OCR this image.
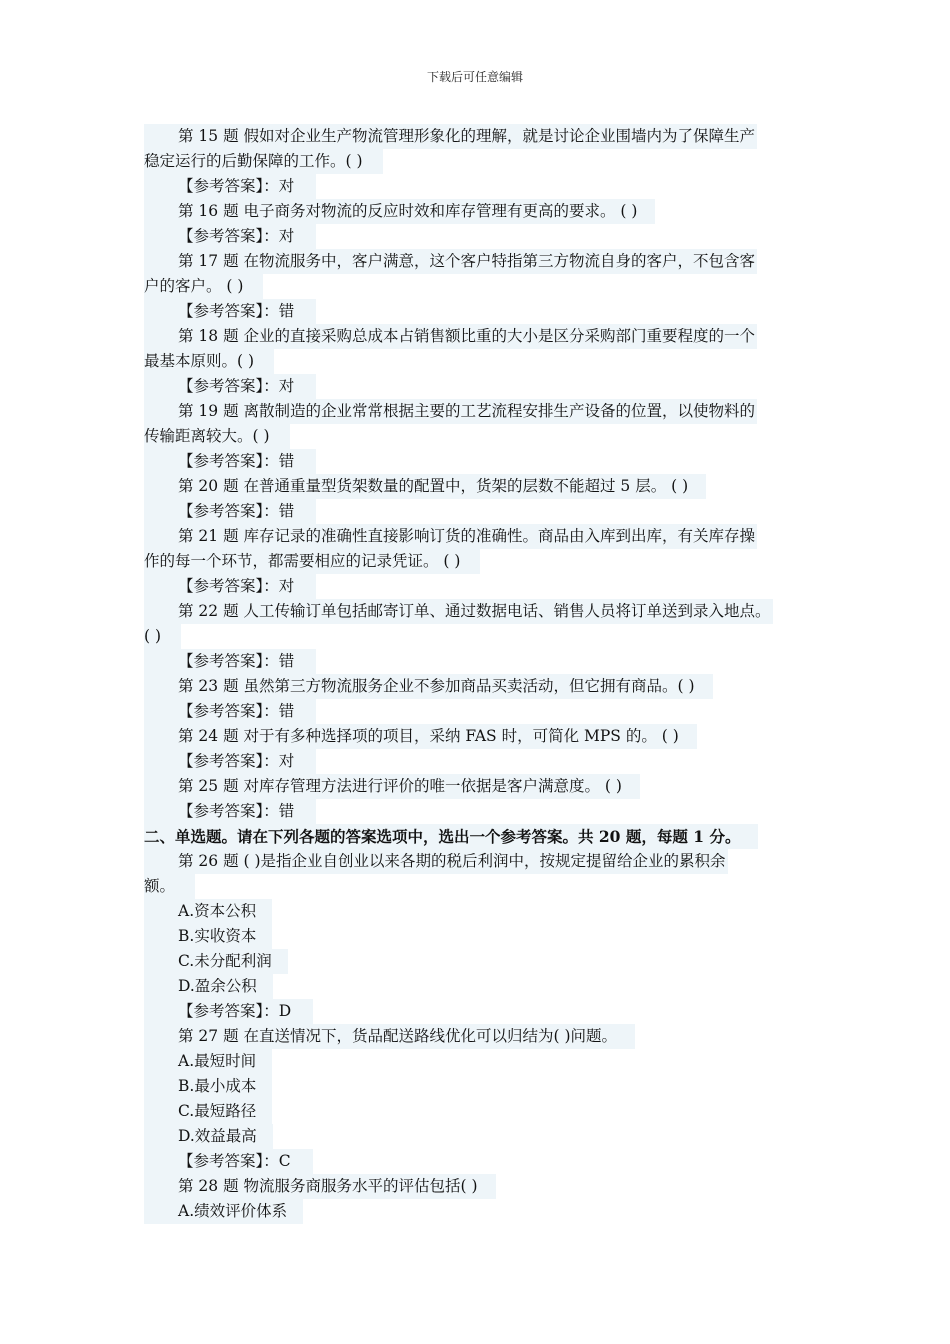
下载后可任意编辑
第 15 题 假如对企业生产物流管理形象化的理解，就是讨论企业围墙内为了保障生产
稳定运行的后勤保障的工作。( )
【参考答案】：对
第 16 题 电子商务对物流的反应时效和库存管理有更高的要求。 ( )
【参考答案】：对
第 17 题 在物流服务中，客户满意，这个客户特指第三方物流自身的客户，不包含客
户的客户。 ( )
【参考答案】：错
第 18 题 企业的直接采购总成本占销售额比重的大小是区分采购部门重要程度的一个
最基本原则。( )
【参考答案】：对
第 19 题 离散制造的企业常常根据主要的工艺流程安排生产设备的位置，以使物料的
传输距离较大。( )
【参考答案】：错
第 20 题 在普通重量型货架数量的配置中，货架的层数不能超过 5 层。 ( )
【参考答案】：错
第 21 题 库存记录的准确性直接影响订货的准确性。商品由入库到出库，有关库存操
作的每一个环节，都需要相应的记录凭证。 ( )
【参考答案】：对
第 22 题 人工传输订单包括邮寄订单、通过数据电话、销售人员将订单送到录入地点。
( )
【参考答案】：错
第 23 题 虽然第三方物流服务企业不参加商品买卖活动，但它拥有商品。( )
【参考答案】：错
第 24 题 对于有多种选择项的项目，采纳 FAS 时，可简化 MPS 的。 ( )
【参考答案】：对
第 25 题 对库存管理方法进行评价的唯一依据是客户满意度。 ( )
【参考答案】：错
二、单选题。请在下列各题的答案选项中，选出一个参考答案。共 20 题，每题 1 分。
第 26 题 ( )是指企业自创业以来各期的税后利润中，按规定提留给企业的累积余
额。
A.资本公积
B.实收资本
C.未分配利润
D.盈余公积
【参考答案】：D
第 27 题 在直送情况下，货品配送路线优化可以归结为( )问题。
A.最短时间
B.最小成本
C.最短路径
D.效益最高
【参考答案】：C
第 28 题 物流服务商服务水平的评估包括( )
A.绩效评价体系
